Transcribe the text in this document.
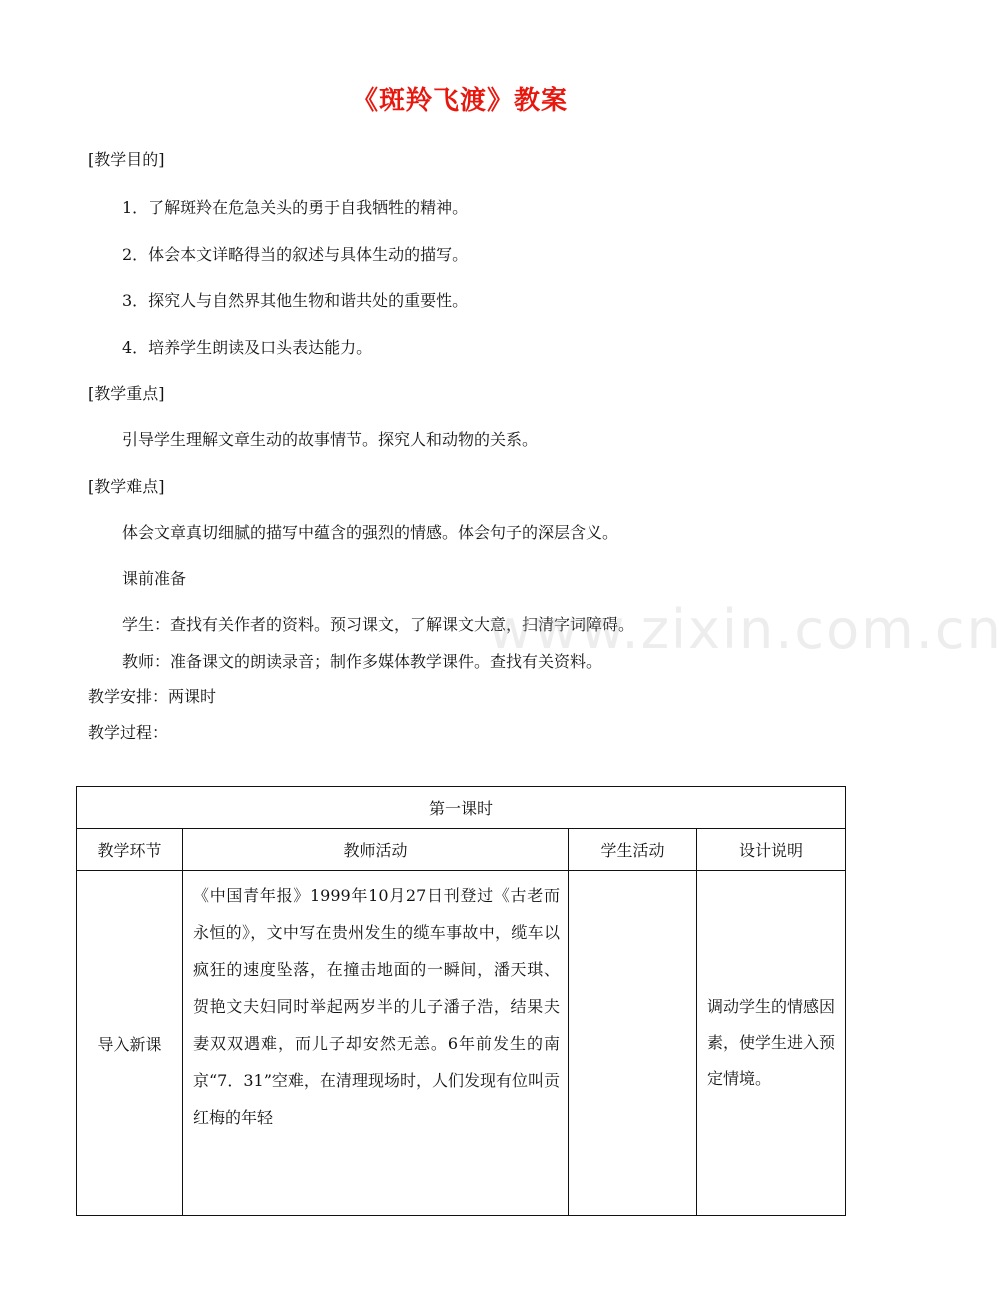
《斑羚飞渡》教案
[教学目的]
1．了解斑羚在危急关头的勇于自我牺牲的精神。
2．体会本文详略得当的叙述与具体生动的描写。
3．探究人与自然界其他生物和谐共处的重要性。
4．培养学生朗读及口头表达能力。
[教学重点]
引导学生理解文章生动的故事情节。探究人和动物的关系。
[教学难点]
体会文章真切细腻的描写中蕴含的强烈的情感。体会句子的深层含义。
课前准备
学生：查找有关作者的资料。预习课文，了解课文大意，扫清字词障碍。
教师：准备课文的朗读录音；制作多媒体教学课件。查找有关资料。
教学安排：两课时
教学过程：
www.zixin.com.cn
第一课时			
教学环节	教师活动	学生活动	设计说明
导入新课	《中国青年报》1999年10月27日刊登过《古老而永恒的》，文中写在贵州发生的缆车事故中，缆车以疯狂的速度坠落，在撞击地面的一瞬间，潘天琪、贺艳文夫妇同时举起两岁半的儿子潘子浩，结果夫妻双双遇难，而儿子却安然无恙。6年前发生的南京“7．31”空难，在清理现场时，人们发现有位叫贡红梅的年轻		调动学生的情感因素，使学生进入预定情境。
